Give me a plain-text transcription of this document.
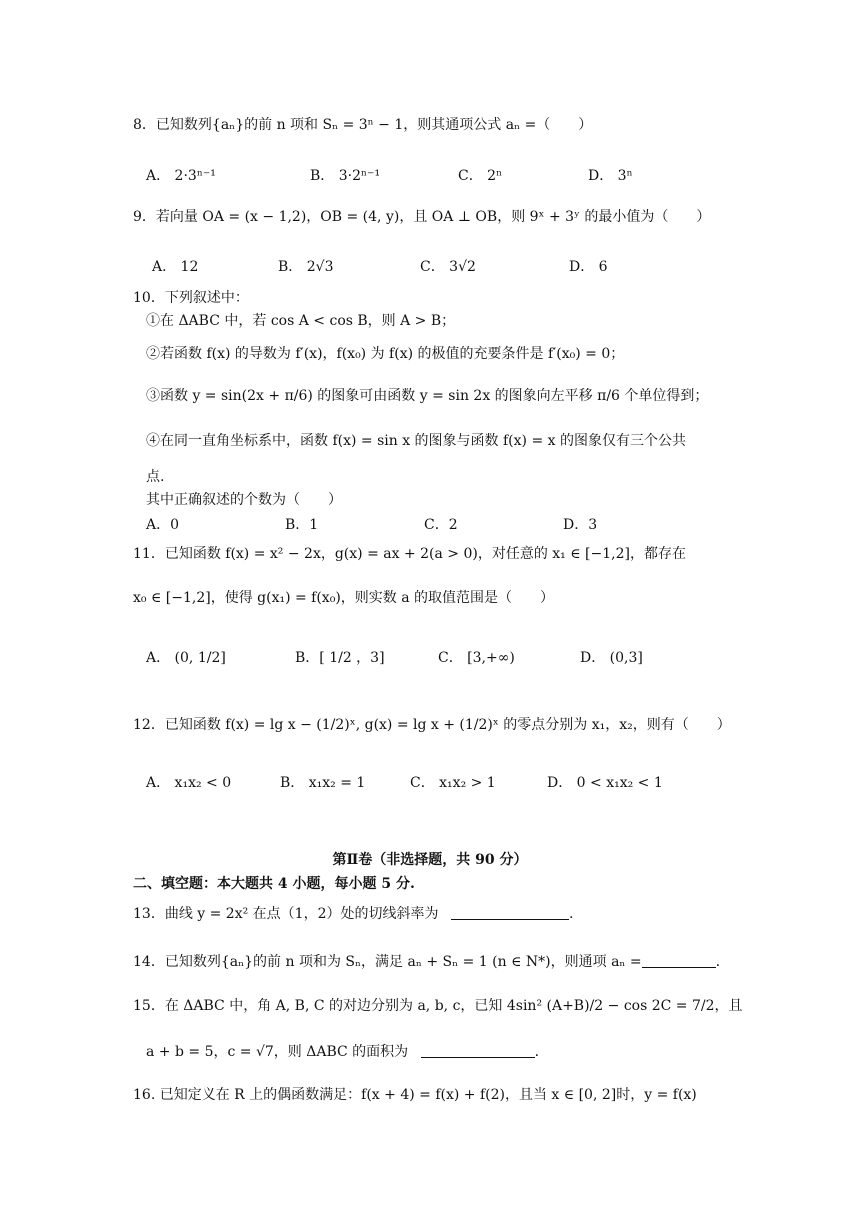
8．已知数列{aₙ}的前 n 项和 Sₙ = 3ⁿ − 1，则其通项公式 aₙ =（　　）
A． 2·3ⁿ⁻¹	B． 3·2ⁿ⁻¹	C． 2ⁿ	D． 3ⁿ
9．若向量 OA = (x − 1,2)，OB = (4, y)，且 OA ⊥ OB，则 9ˣ + 3ʸ 的最小值为（　　）
A． 12	B． 2√3	C． 3√2	D． 6
10．下列叙述中：
①在 ΔABC 中，若 cos A < cos B，则 A > B；
②若函数 f(x) 的导数为 f′(x)，f(x₀) 为 f(x) 的极值的充要条件是 f′(x₀) = 0；
③函数 y = sin(2x + π/6) 的图象可由函数 y = sin 2x 的图象向左平移 π/6 个单位得到；
④在同一直角坐标系中，函数 f(x) = sin x 的图象与函数 f(x) = x 的图象仅有三个公共
点.
其中正确叙述的个数为（　　）
A．0	B．1	C．2	D．3
11．已知函数 f(x) = x² − 2x，g(x) = ax + 2(a > 0)，对任意的 x₁ ∈ [−1,2]，都存在
x₀ ∈ [−1,2]，使得 g(x₁) = f(x₀)，则实数 a 的取值范围是（　　）
A． (0, 1/2]	B．[ 1/2 ，3]	C． [3,+∞)	D． (0,3]
12．已知函数 f(x) = lg x − (1/2)ˣ, g(x) = lg x + (1/2)ˣ 的零点分别为 x₁，x₂，则有（　　）
A． x₁x₂ < 0	B． x₁x₂ = 1	C． x₁x₂ > 1	D． 0 < x₁x₂ < 1
第Ⅱ卷（非选择题，共 90 分）
二、填空题：本大题共 4 小题，每小题 5 分.
13．曲线 y = 2x² 在点（1，2）处的切线斜率为	.
14．已知数列{aₙ}的前 n 项和为 Sₙ，满足 aₙ + Sₙ = 1 (n ∈ N*)，则通项 aₙ =	.
15．在 ΔABC 中，角 A, B, C 的对边分别为 a, b, c，已知 4sin² (A+B)/2 − cos 2C = 7/2，且
a + b = 5，c = √7，则 ΔABC 的面积为	.
16. 已知定义在 R 上的偶函数满足：f(x + 4) = f(x) + f(2)，且当 x ∈ [0, 2]时，y = f(x)
